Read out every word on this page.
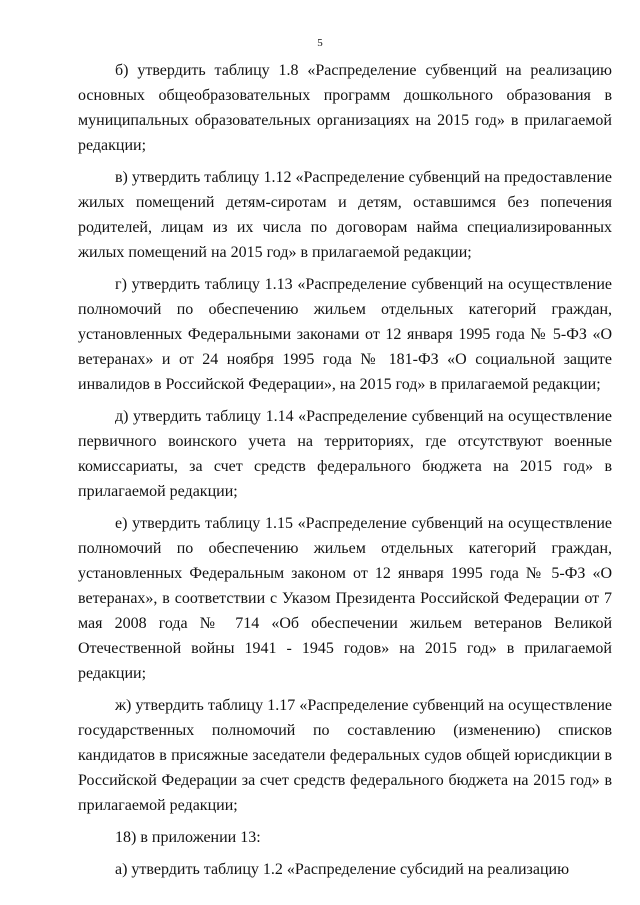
5

б) утвердить таблицу 1.8 «Распределение субвенций на реализацию основных общеобразовательных программ дошкольного образования в муниципальных образовательных организациях на 2015 год» в прилагаемой редакции;

в) утвердить таблицу 1.12 «Распределение субвенций на предоставление жилых помещений детям-сиротам и детям, оставшимся без попечения родителей, лицам из их числа по договорам найма специализированных жилых помещений на 2015 год» в прилагаемой редакции;

г) утвердить таблицу 1.13 «Распределение субвенций на осуществление полномочий по обеспечению жильем отдельных категорий граждан, установленных Федеральными законами от 12 января 1995 года № 5-ФЗ «О ветеранах» и от 24 ноября 1995 года № 181-ФЗ «О социальной защите инвалидов в Российской Федерации», на 2015 год» в прилагаемой редакции;

д) утвердить таблицу 1.14 «Распределение субвенций на осуществление первичного воинского учета на территориях, где отсутствуют военные комиссариаты, за счет средств федерального бюджета на 2015 год» в прилагаемой редакции;

е) утвердить таблицу 1.15 «Распределение субвенций на осуществление полномочий по обеспечению жильем отдельных категорий граждан, установленных Федеральным законом от 12 января 1995 года № 5-ФЗ «О ветеранах», в соответствии с Указом Президента Российской Федерации от 7 мая 2008 года № 714 «Об обеспечении жильем ветеранов Великой Отечественной войны 1941 - 1945 годов» на 2015 год» в прилагаемой редакции;

ж) утвердить таблицу 1.17 «Распределение субвенций на осуществление государственных полномочий по составлению (изменению) списков кандидатов в присяжные заседатели федеральных судов общей юрисдикции в Российской Федерации за счет средств федерального бюджета на 2015 год» в прилагаемой редакции;

18) в приложении 13:

а) утвердить таблицу 1.2 «Распределение субсидий на реализацию
